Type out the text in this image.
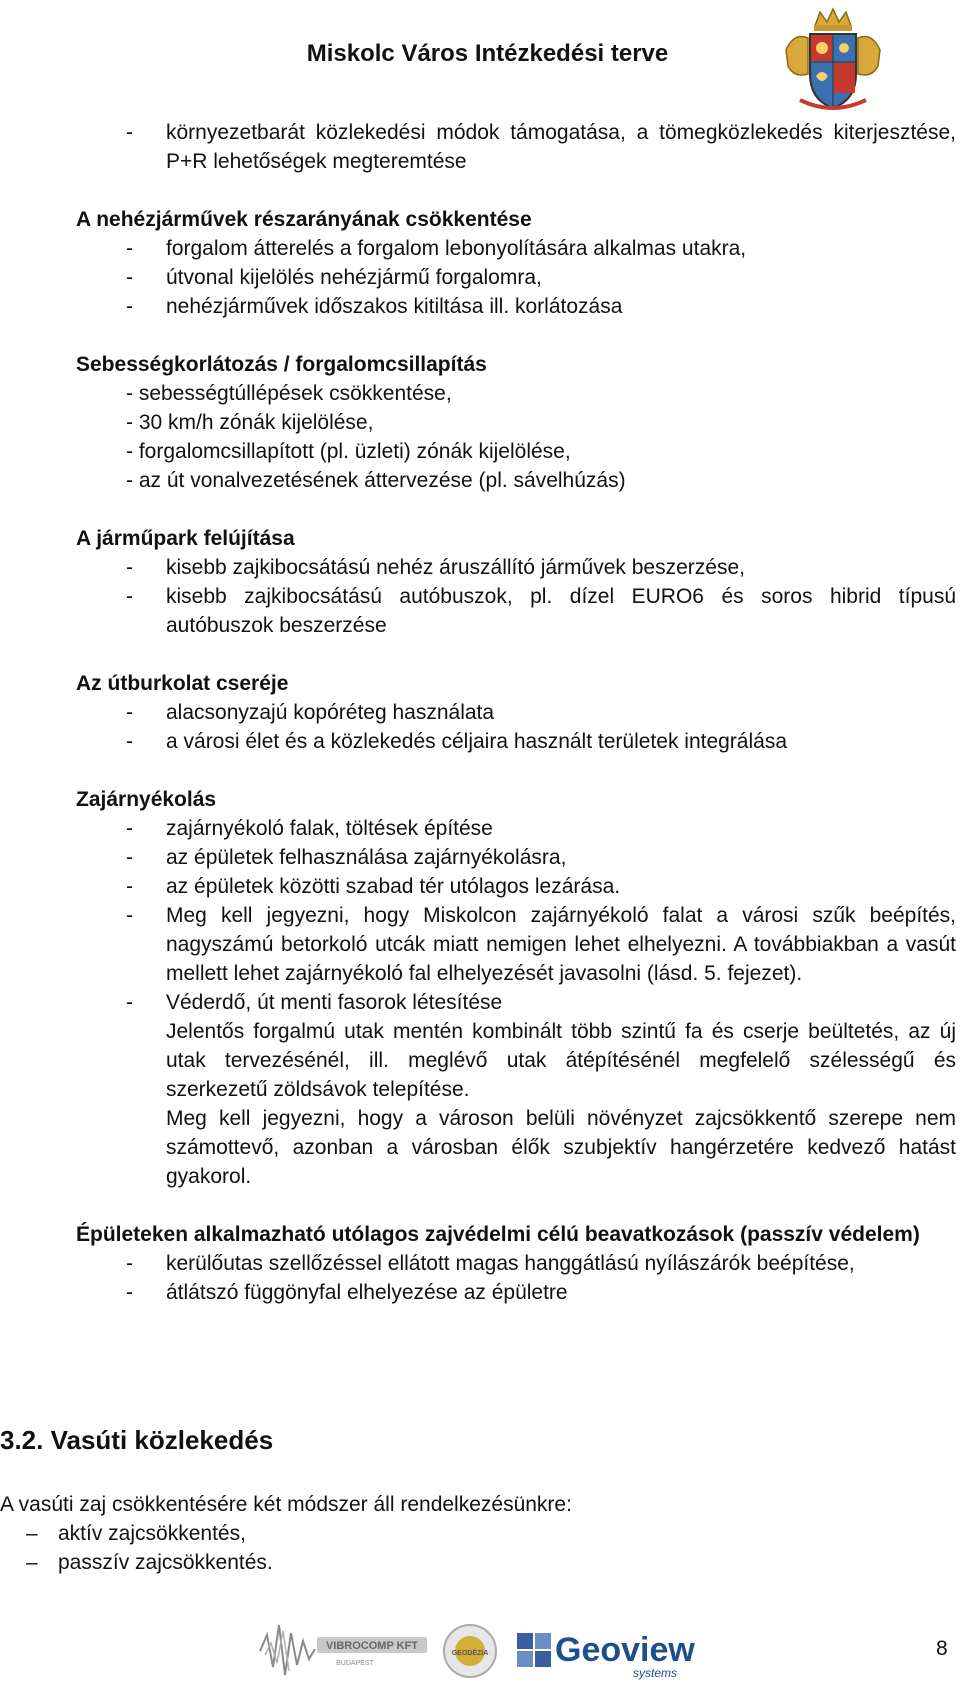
Miskolc Város Intézkedési terve
-	környezetbarát közlekedési módok támogatása, a tömegközlekedés kiterjesztése, P+R lehetőségek megteremtése
A nehézjárművek részarányának csökkentése
-	forgalom átterelés a forgalom lebonyolítására alkalmas utakra,
-	útvonal kijelölés nehézjármű forgalomra,
-	nehézjárművek időszakos kitiltása ill. korlátozása
Sebességkorlátozás / forgalomcsillapítás
- sebességtúllépések csökkentése,
- 30 km/h zónák kijelölése,
- forgalomcsillapított (pl. üzleti) zónák kijelölése,
- az út vonalvezetésének áttervezése (pl. sávelhúzás)
A járműpark felújítása
-	kisebb zajkibocsátású nehéz áruszállító járművek beszerzése,
-	kisebb zajkibocsátású autóbuszok, pl. dízel EURO6 és soros hibrid típusú autóbuszok beszerzése
Az útburkolat cseréje
-	alacsonyzajú kopóréteg használata
-	a városi élet és a közlekedés céljaira használt területek integrálása
Zajárnyékolás
-	zajárnyékoló falak, töltések építése
-	az épületek felhasználása zajárnyékolásra,
-	az épületek közötti szabad tér utólagos lezárása.
-	Meg kell jegyezni, hogy Miskolcon zajárnyékoló falat a városi szűk beépítés, nagyszámú betorkoló utcák miatt nemigen lehet elhelyezni. A továbbiakban a vasút mellett lehet zajárnyékoló fal elhelyezését javasolni (lásd. 5. fejezet).
-	Véderdő, út menti fasorok létesítése
Jelentős forgalmú utak mentén kombinált több szintű fa és cserje beültetés, az új utak tervezésénél, ill. meglévő utak átépítésénél megfelelő szélességű és szerkezetű zöldsávok telepítése.
Meg kell jegyezni, hogy a városon belüli növényzet zajcsökkentő szerepe nem számottevő, azonban a városban élők szubjektív hangérzetére kedvező hatást gyakorol.
Épületeken alkalmazható utólagos zajvédelmi célú beavatkozások (passzív védelem)
-	kerülőutas szellőzéssel ellátott magas hanggátlású nyílászárók beépítése,
-	átlátszó függönyfal elhelyezése az épületre
3.2. Vasúti közlekedés
A vasúti zaj csökkentésére két módszer áll rendelkezésünkre:
– aktív zajcsökkentés,
– passzív zajcsökkentés.
VIBROCOMP KFT
BUDAPEST
GEODÉZIA Geoview
systems
8
